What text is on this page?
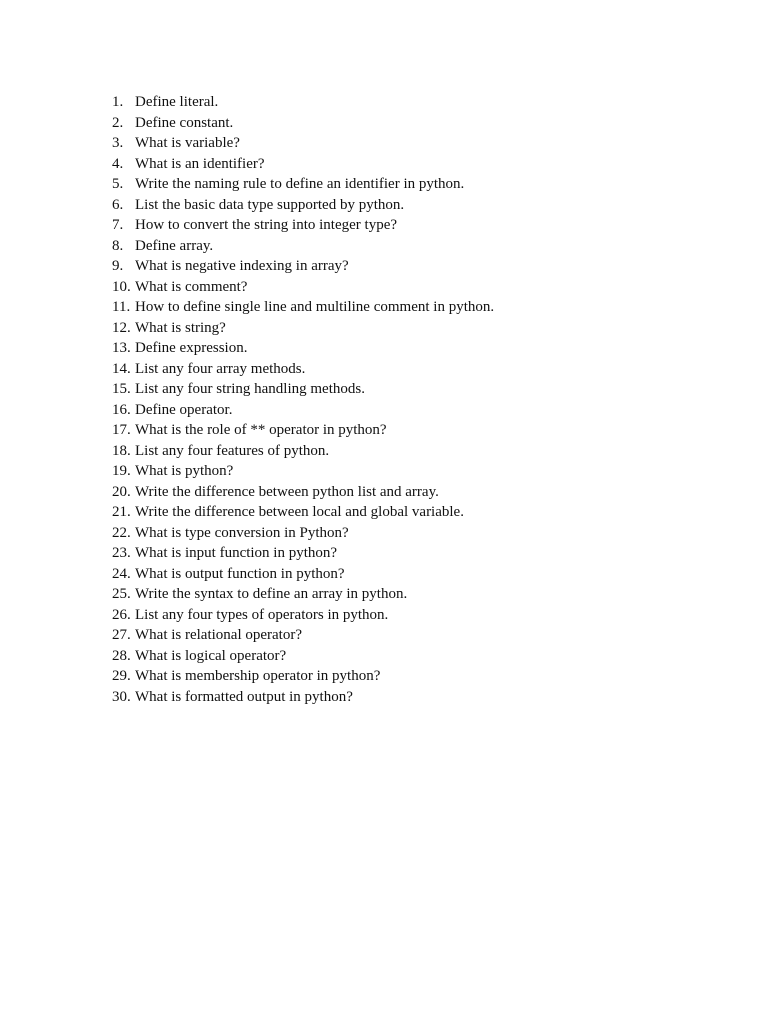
1. Define literal.
2. Define constant.
3. What is variable?
4. What is an identifier?
5. Write the naming rule to define an identifier in python.
6. List the basic data type supported by python.
7. How to convert the string into integer type?
8. Define array.
9. What is negative indexing in array?
10. What is comment?
11. How to define single line and multiline comment in python.
12. What is string?
13. Define expression.
14. List any four array methods.
15. List any four string handling methods.
16. Define operator.
17. What is the role of ** operator in python?
18. List any four features of python.
19. What is python?
20. Write the difference between python list and array.
21. Write the difference between local and global variable.
22. What is type conversion in Python?
23. What is input function in python?
24. What is output function in python?
25. Write the syntax to define an array in python.
26. List any four types of operators in python.
27. What is relational operator?
28. What is logical operator?
29. What is membership operator in python?
30. What is formatted output in python?
